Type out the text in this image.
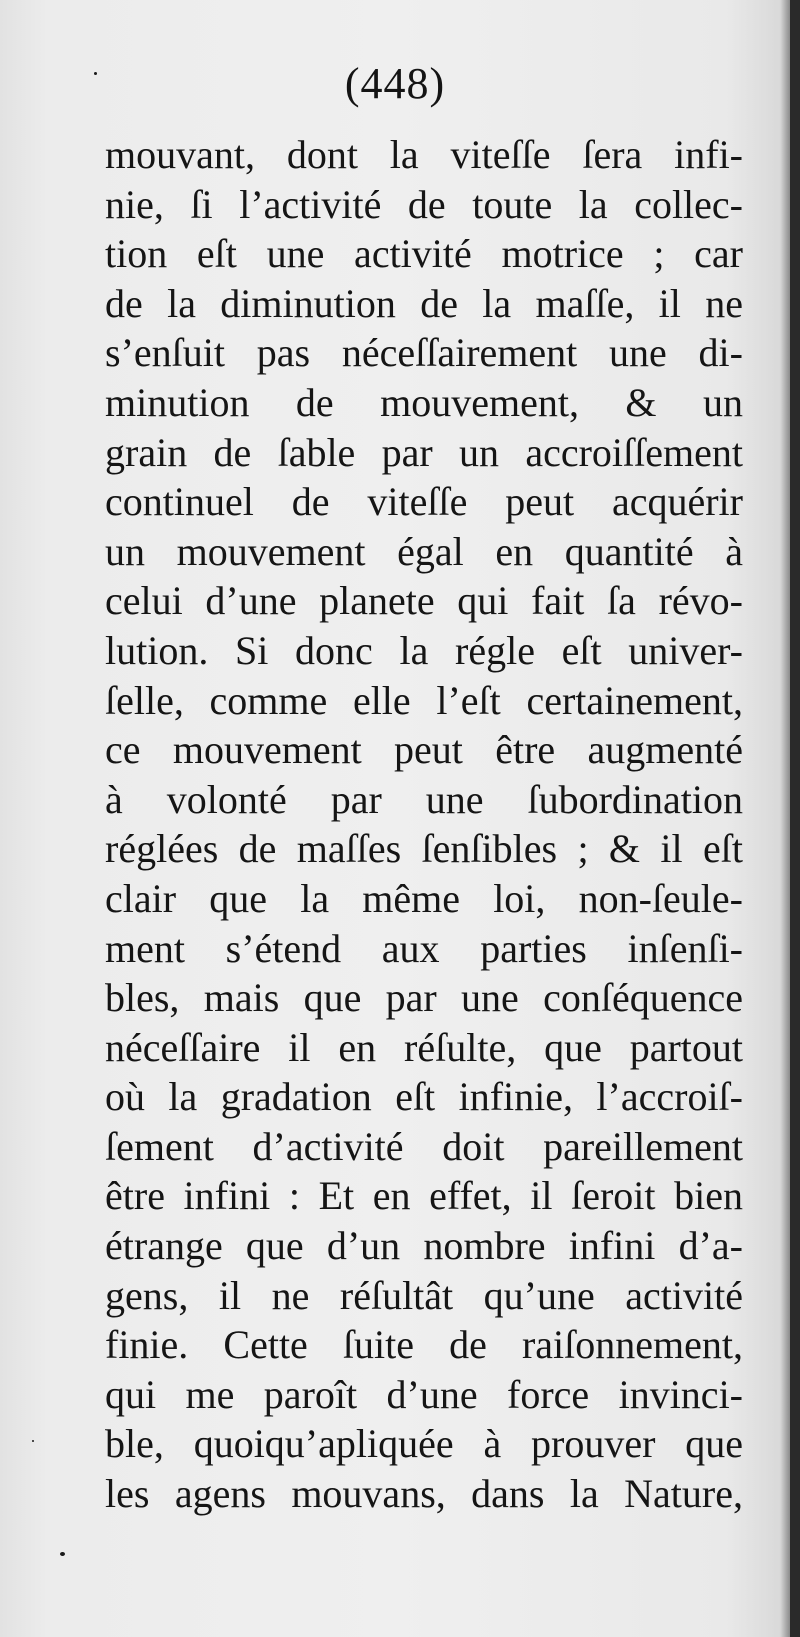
(448)
mouvant, dont la viteſſe ſera infi-
nie, ſi l’activité de toute la collec-
tion eſt une activité motrice ; car
de la diminution de la maſſe, il ne
s’enſuit pas néceſſairement une di-
minution de mouvement, & un
grain de ſable par un accroiſſement
continuel de viteſſe peut acquérir
un mouvement égal en quantité à
celui d’une planete qui fait ſa révo-
lution. Si donc la régle eſt univer-
ſelle, comme elle l’eſt certainement,
ce mouvement peut être augmenté
à volonté par une ſubordination
réglées de maſſes ſenſibles ; & il eſt
clair que la même loi, non-ſeule-
ment s’étend aux parties inſenſi-
bles, mais que par une conſéquence
néceſſaire il en réſulte, que partout
où la gradation eſt infinie, l’accroiſ-
ſement d’activité doit pareillement
être infini : Et en effet, il ſeroit bien
étrange que d’un nombre infini d’a-
gens, il ne réſultât qu’une activité
finie. Cette ſuite de raiſonnement,
qui me paroît d’une force invinci-
ble, quoiqu’apliquée à prouver que
les agens mouvans, dans la Nature,
